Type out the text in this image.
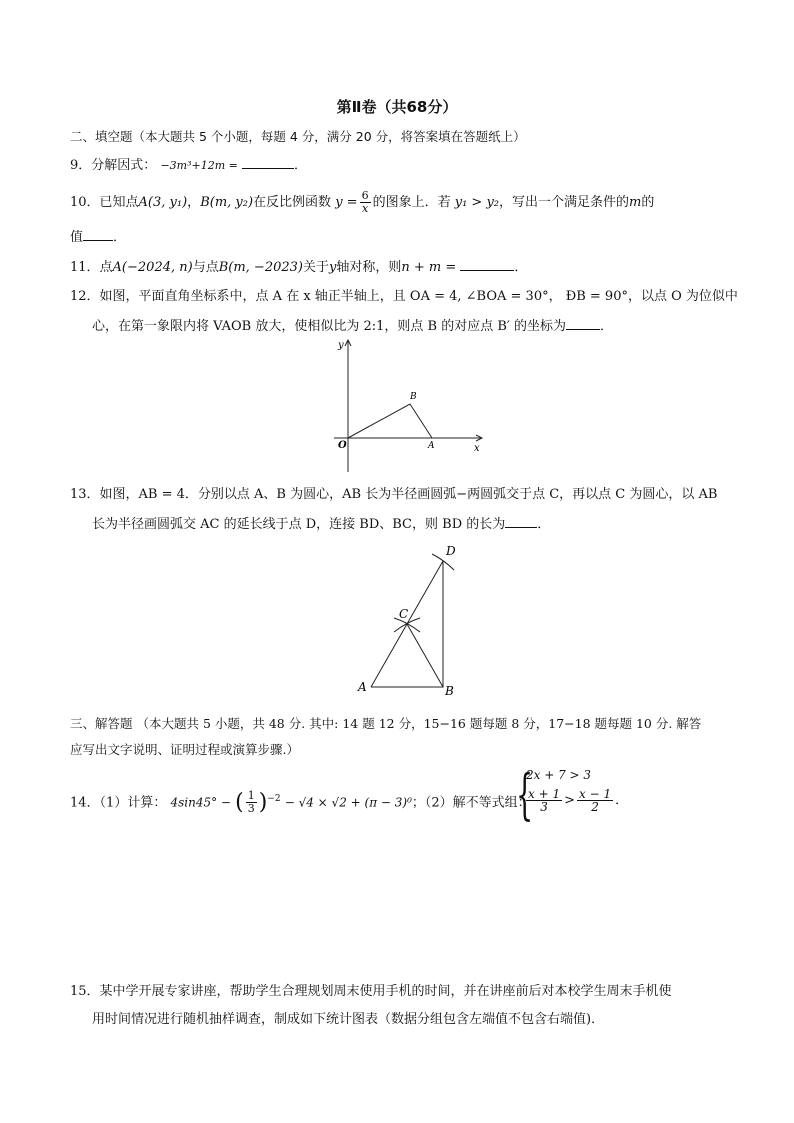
第Ⅱ卷（共68分）
二、填空题（本大题共 5 个小题，每题 4 分，满分 20 分，将答案填在答题纸上）
9．分解因式： −3m³+12m =	．
10．已知点A(3, y₁)，B(m, y₂)在反比例函数 $y = \frac{6}{x}$ 的图象上．若 y₁ > y₂，写出一个满足条件的m的
值 ．
11．点A(−2024, n)与点B(m, −2023)关于y轴对称，则n + m =	．
12．如图，平面直角坐标系中，点 A 在 x 轴正半轴上，且 OA = 4, ∠BOA = 30°， ÐB = 90°，以点 O 为位似中
心，在第一象限内将 VAOB 放大，使相似比为 2:1，则点 B 的对应点 B′ 的坐标为	．
y
x
O	A
B
13．如图，AB = 4．分别以点 A、B 为圆心，AB 长为半径画圆弧−两圆弧交于点 C，再以点 C 为圆心，以 AB
长为半径画圆弧交 AC 的延长线于点 D，连接 BD、BC，则 BD 的长为 ．
A	B
C
D
三、解答题 （本大题共 5 小题，共 48 分. 其中: 14 题 12 分，15−16 题每题 8 分，17−18 题每题 10 分. 解答
应写出文字说明、证明过程或演算步骤.）
14．（1）计算： 4sin45° − ( $\frac{1}{3} )^{-2} - √4 \times √2 + (\pi - 3)^0$；（2）解不等式组：
{
2x + 7 > 3
$\frac{x + 1}{3} > \frac{x - 1}{2}$ ．
15．某中学开展专家讲座，帮助学生合理规划周末使用手机的时间，并在讲座前后对本校学生周末手机使
用时间情况进行随机抽样调查，制成如下统计图表（数据分组包含左端值不包含右端值)．
